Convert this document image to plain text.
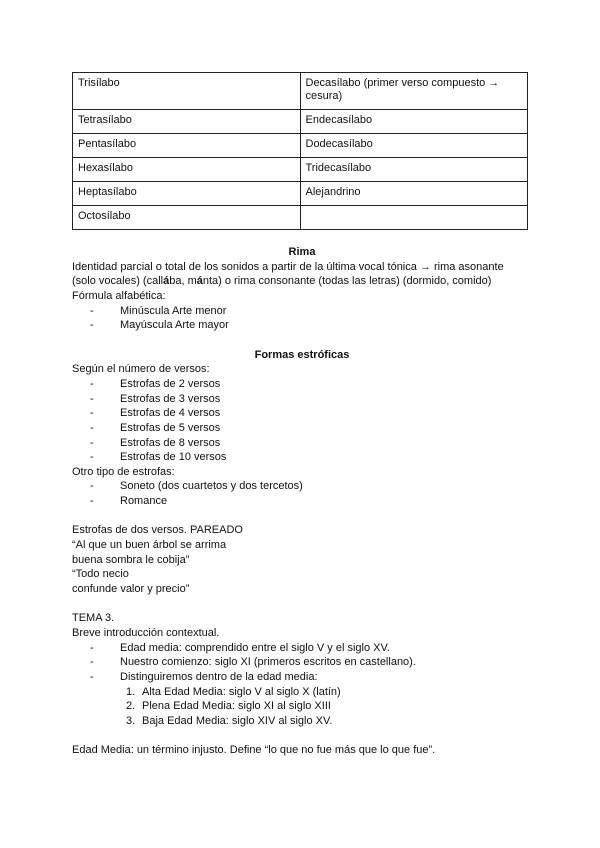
Trisílabo	Decasílabo (primer verso compuesto → cesura)
Tetrasílabo	Endecasílabo
Pentasílabo	Dodecasílabo
Hexasílabo	Tridecasílabo
Heptasílabo	Alejandrino
Octosílabo	
Rima
Identidad parcial o total de los sonidos a partir de la última vocal tónica → rima asonante
(solo vocales) (callába, mánta) o rima consonante (todas las letras) (dormido, comido)
Fórmula alfabética:
- Minúscula Arte menor
- Mayúscula Arte mayor
Formas estróficas
Según el número de versos:
- Estrofas de 2 versos
- Estrofas de 3 versos
- Estrofas de 4 versos
- Estrofas de 5 versos
- Estrofas de 8 versos
- Estrofas de 10 versos
Otro tipo de estrofas:
- Soneto (dos cuartetos y dos tercetos)
- Romance
Estrofas de dos versos. PAREADO
“Al que un buen árbol se arrima
buena sombra le cobija”
“Todo necio
confunde valor y precio”
TEMA 3.
Breve introducción contextual.
- Edad media: comprendido entre el siglo V y el siglo XV.
- Nuestro comienzo: siglo XI (primeros escritos en castellano).
- Distinguiremos dentro de la edad media:
1. Alta Edad Media: siglo V al siglo X (latín)
2. Plena Edad Media: siglo XI al siglo XIII
3. Baja Edad Media: siglo XIV al siglo XV.
Edad Media: un término injusto. Define “lo que no fue más que lo que fue”.
